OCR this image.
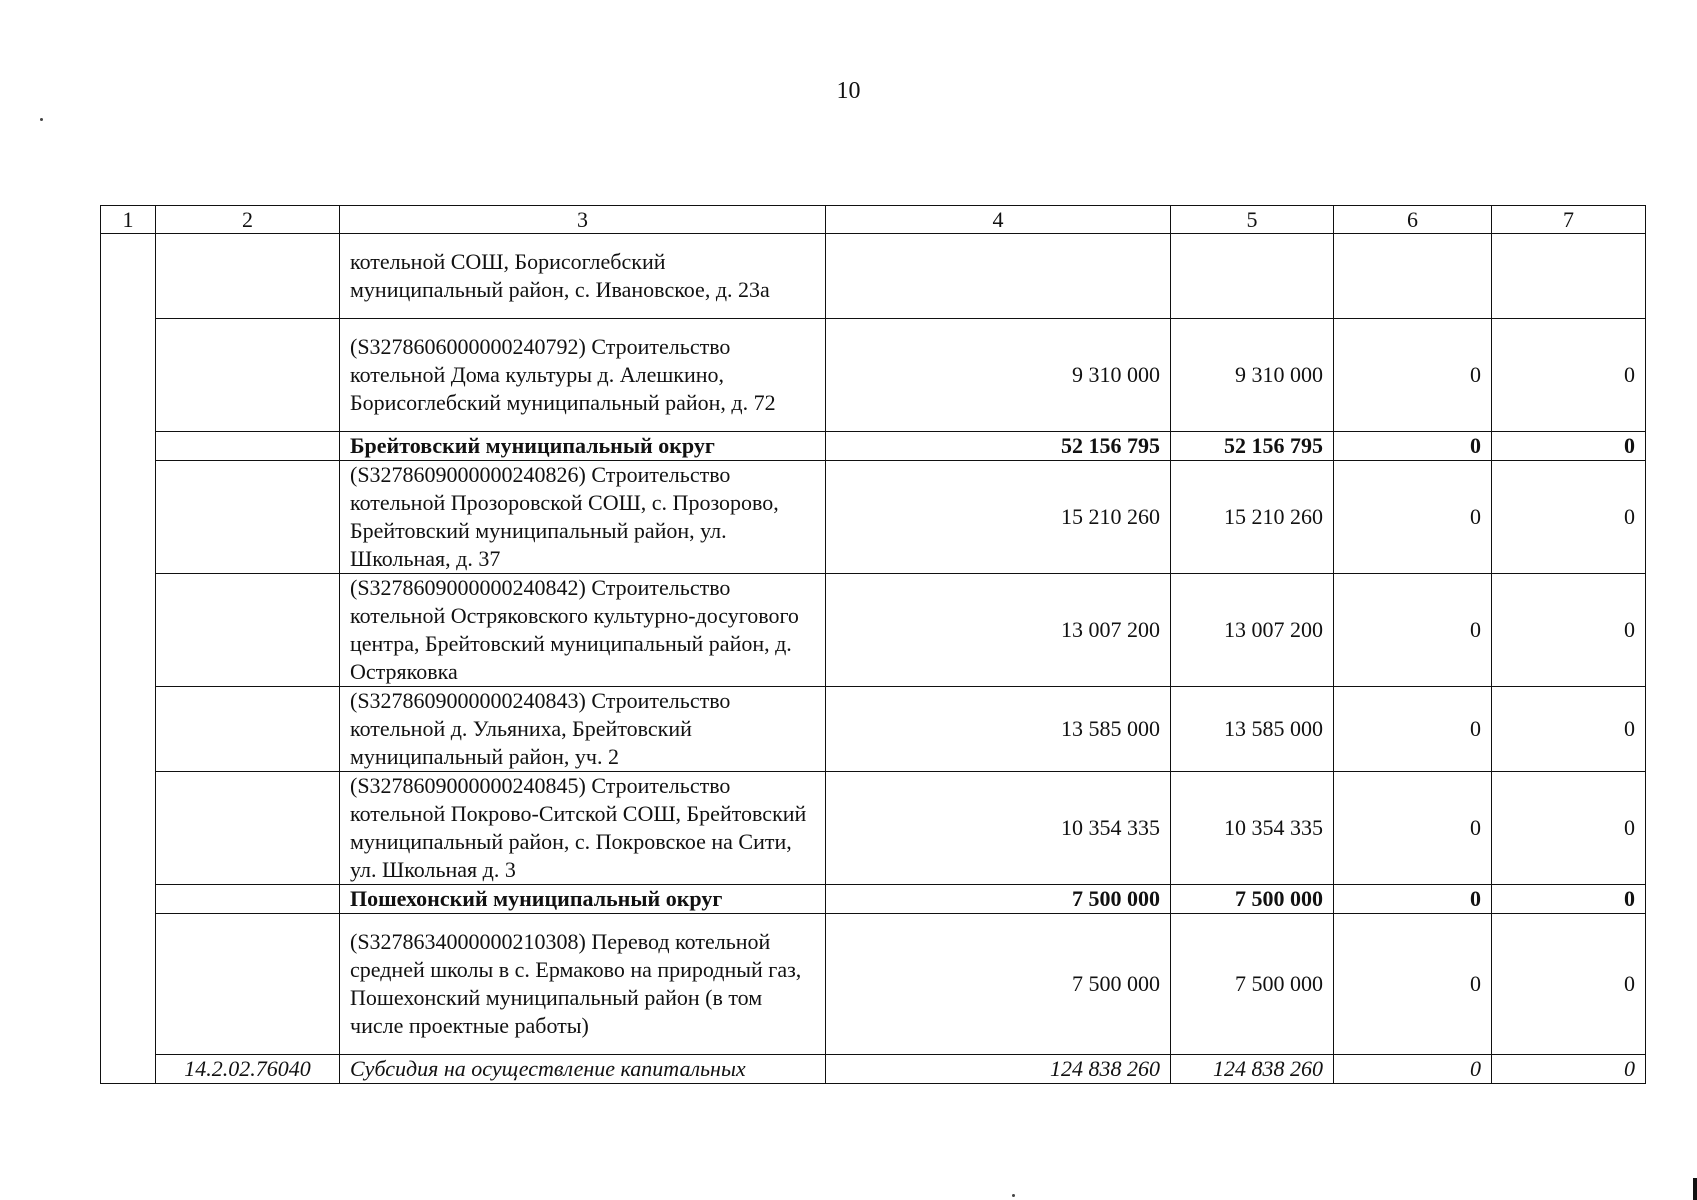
10
1	2	3	4	5	6	7
		котельной СОШ, Борисоглебский муниципальный район, с. Ивановское, д. 23а				
		(S3278606000000240792) Строительство котельной Дома культуры д. Алешкино, Борисоглебский муниципальный район, д. 72	9 310 000	9 310 000	0	0
		Брейтовский муниципальный округ	52 156 795	52 156 795	0	0
		(S3278609000000240826) Строительство котельной Прозоровской СОШ, с. Прозорово, Брейтовский муниципальный район, ул. Школьная, д. 37	15 210 260	15 210 260	0	0
		(S3278609000000240842) Строительство котельной Остряковского культурно-досугового центра, Брейтовский муниципальный район, д. Остряковка	13 007 200	13 007 200	0	0
		(S3278609000000240843) Строительство котельной д. Ульяниха, Брейтовский муниципальный район, уч. 2	13 585 000	13 585 000	0	0
		(S3278609000000240845) Строительство котельной Покрово-Ситской СОШ, Брейтовский муниципальный район, с. Покровское на Сити, ул. Школьная д. 3	10 354 335	10 354 335	0	0
		Пошехонский муниципальный округ	7 500 000	7 500 000	0	0
		(S3278634000000210308) Перевод котельной средней школы в с. Ермаково на природный газ, Пошехонский муниципальный район (в том числе проектные работы)	7 500 000	7 500 000	0	0
	14.2.02.76040	Субсидия на осуществление капитальных	124 838 260	124 838 260	0	0
